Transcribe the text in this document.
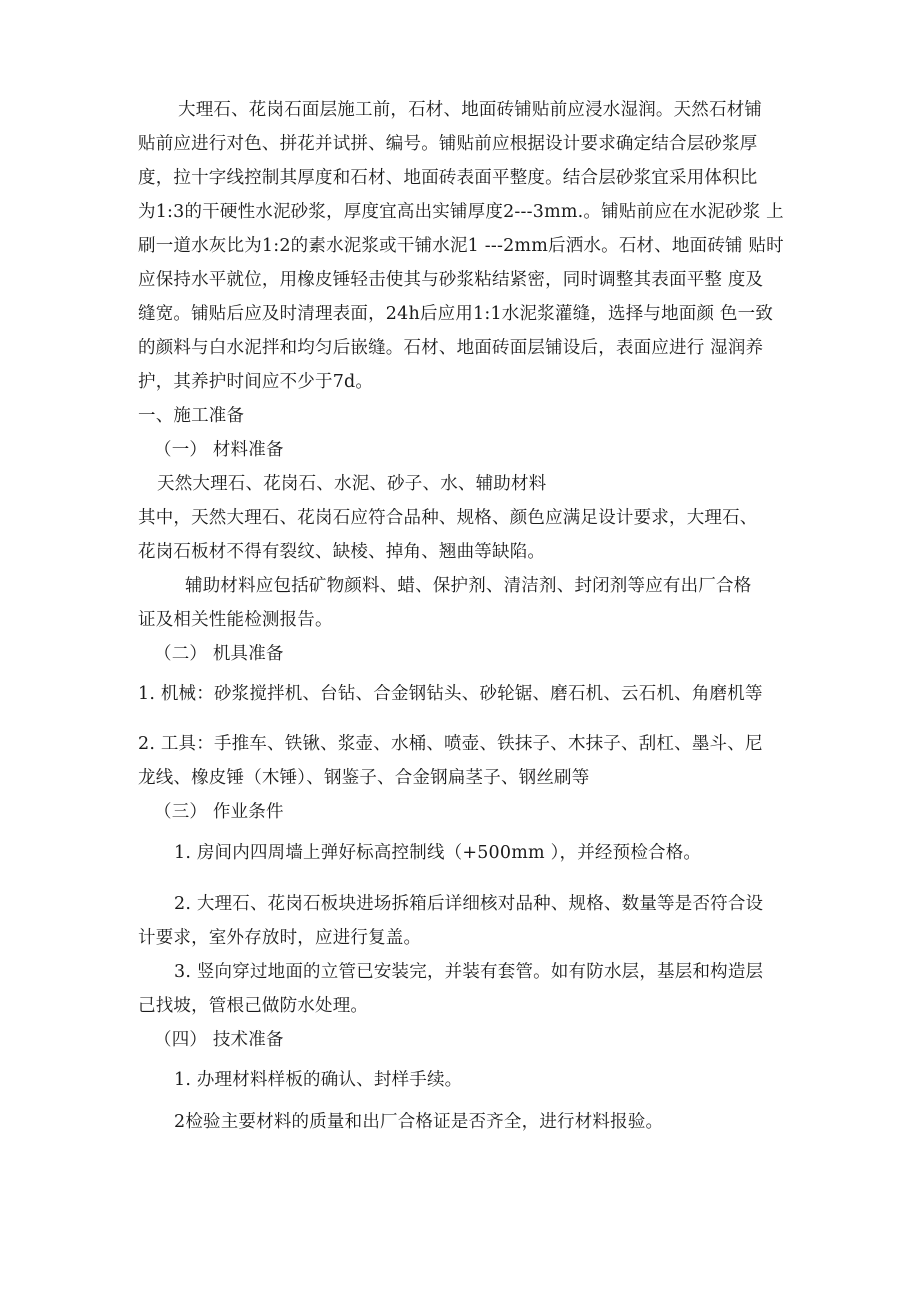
大理石、花岗石面层施工前，石材、地面砖铺贴前应浸水湿润。天然石材铺
贴前应进行对色、拼花并试拼、编号。铺贴前应根据设计要求确定结合层砂浆厚
度，拉十字线控制其厚度和石材、地面砖表面平整度。结合层砂浆宜采用体积比
为1:3的干硬性水泥砂浆，厚度宜高出实铺厚度2---3mm.。铺贴前应在水泥砂浆 上
刷一道水灰比为1:2的素水泥浆或干铺水泥1 ---2mm后洒水。石材、地面砖铺 贴时
应保持水平就位，用橡皮锤轻击使其与砂浆粘结紧密，同时调整其表面平整 度及
缝宽。铺贴后应及时清理表面，24h后应用1:1水泥浆灌缝，选择与地面颜 色一致
的颜料与白水泥拌和均匀后嵌缝。石材、地面砖面层铺设后，表面应进行 湿润养
护，其养护时间应不少于7d。
一、施工准备
（一） 材料准备
天然大理石、花岗石、水泥、砂子、水、辅助材料
其中，天然大理石、花岗石应符合品种、规格、颜色应满足设计要求，大理石、
花岗石板材不得有裂纹、缺棱、掉角、翘曲等缺陷。
辅助材料应包括矿物颜料、蜡、保护剂、清洁剂、封闭剂等应有出厂合格
证及相关性能检测报告。
（二） 机具准备
1. 机械：砂浆搅拌机、台钻、合金钢钻头、砂轮锯、磨石机、云石机、角磨机等
2. 工具：手推车、铁锹、浆壶、水桶、喷壶、铁抹子、木抹子、刮杠、墨斗、尼
龙线、橡皮锤（木锤）、钢鉴子、合金钢扁茎子、钢丝刷等
（三） 作业条件
1. 房间内四周墙上弹好标高控制线（+500mm ），并经预检合格。
2. 大理石、花岗石板块进场拆箱后详细核对品种、规格、数量等是否符合设
计要求，室外存放时，应进行复盖。
3. 竖向穿过地面的立管已安装完，并装有套管。如有防水层，基层和构造层
己找坡，管根己做防水处理。
（四） 技术准备
1. 办理材料样板的确认、封样手续。
2检验主要材料的质量和出厂合格证是否齐全，进行材料报验。
